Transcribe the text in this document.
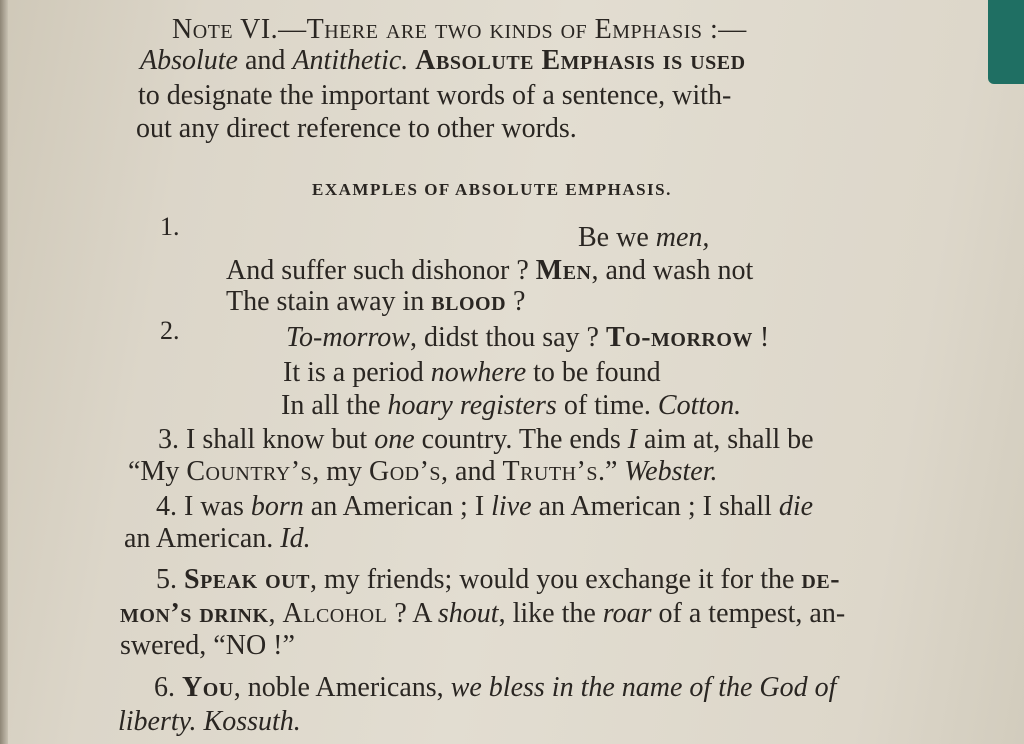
Note VI.—There are two kinds of Emphasis :—
Absolute and Antithetic. Absolute Emphasis is used
to designate the important words of a sentence, with-
out any direct reference to other words.
EXAMPLES OF ABSOLUTE EMPHASIS.
1.	Be we men,
And suffer such dishonor ? Men, and wash not
The stain away in blood ?
2.	To-morrow, didst thou say ? To-morrow !
It is a period nowhere to be found
In all the hoary registers of time. Cotton.
3. I shall know but one country. The ends I aim at, shall be
“My Country’s, my God’s, and Truth’s.” Webster.
4. I was born an American ; I live an American ; I shall die
an American. Id.
5. Speak out, my friends; would you exchange it for the de-
mon’s drink, Alcohol ? A shout, like the roar of a tempest, an-
swered, “NO !”
6. You, noble Americans, we bless in the name of the God of
liberty. Kossuth.
